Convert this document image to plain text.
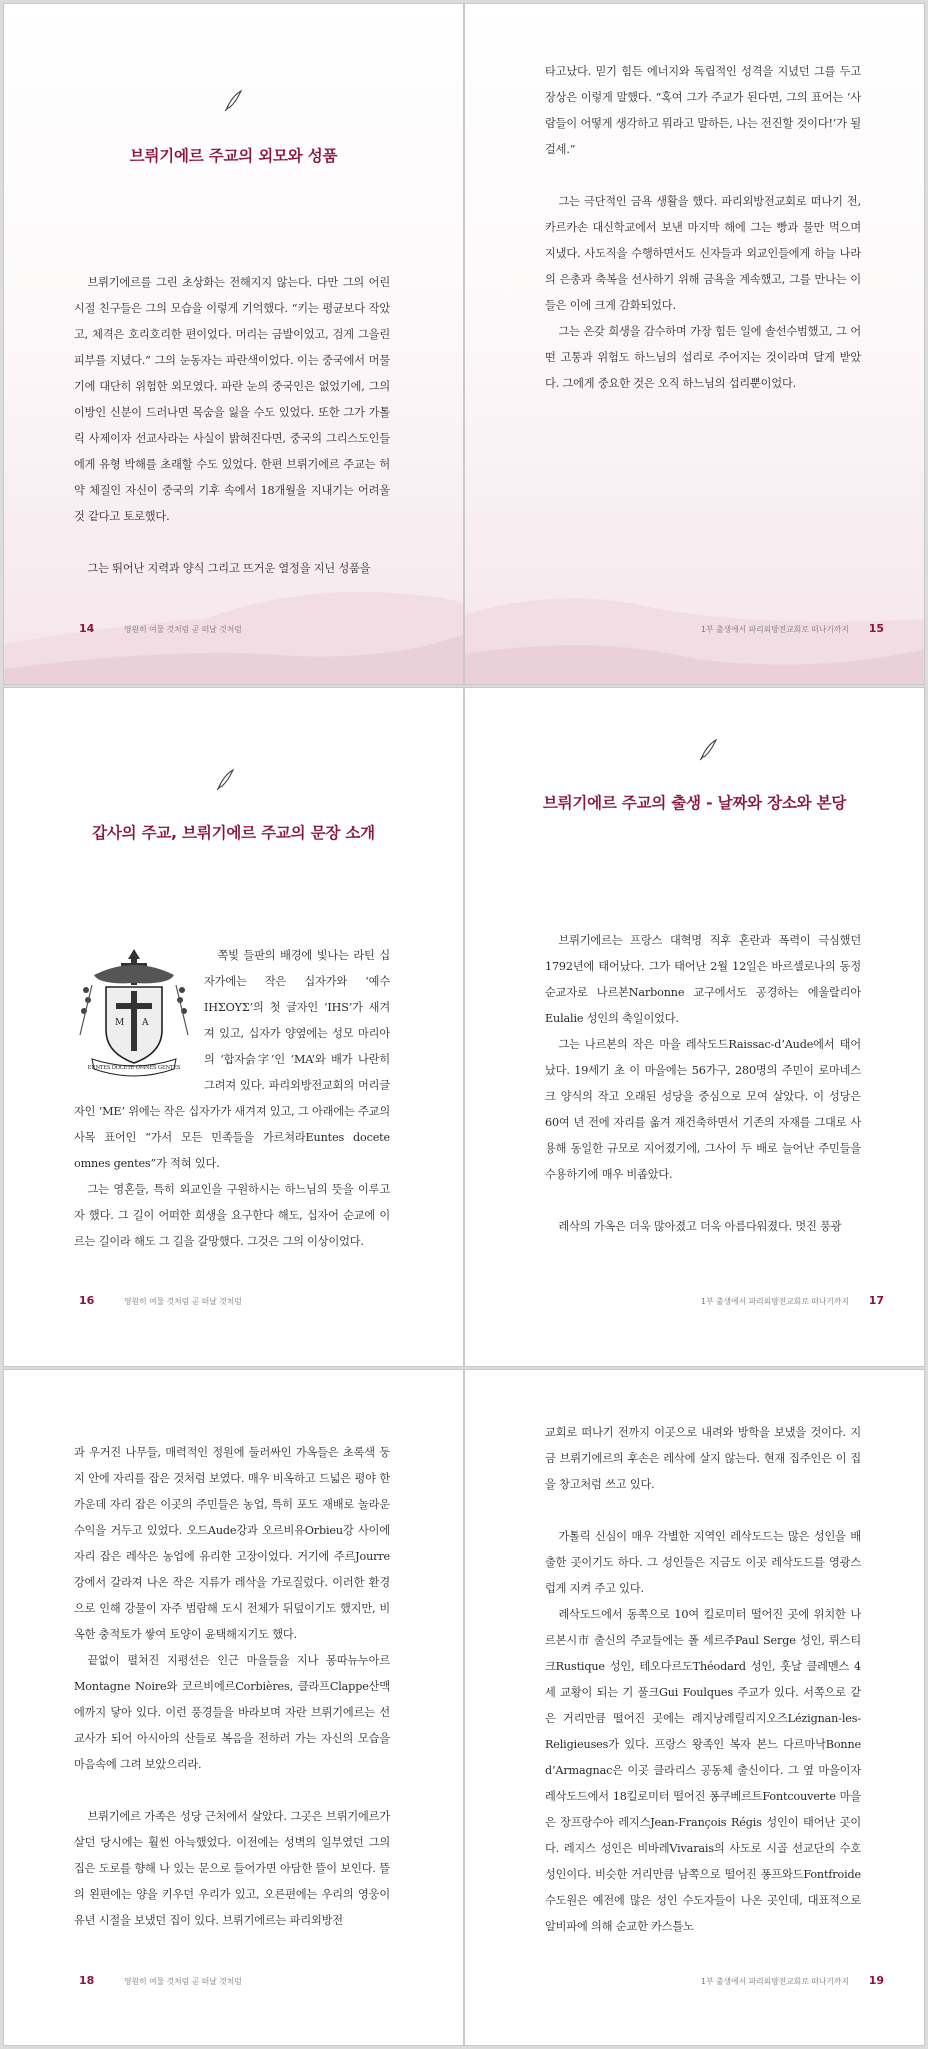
브뤼기에르 주교의 외모와 성품

브뤼기에르를 그린 초상화는 전해지지 않는다. 다만 그의 어린 시절 친구들은 그의 모습을 이렇게 기억했다. “키는 평균보다 작았고, 체격은 호리호리한 편이었다. 머리는 금발이었고, 검게 그을린 피부를 지녔다.” 그의 눈동자는 파란색이었다. 이는 중국에서 머물기에 대단히 위험한 외모였다. 파란 눈의 중국인은 없었기에, 그의 이방인 신분이 드러나면 목숨을 잃을 수도 있었다. 또한 그가 가톨릭 사제이자 선교사라는 사실이 밝혀진다면, 중국의 그리스도인들에게 유형 박해를 초래할 수도 있었다. 한편 브뤼기에르 주교는 허약 체질인 자신이 중국의 기후 속에서 18개월을 지내기는 어려울 것 같다고 토로했다.

그는 뛰어난 지력과 양식 그리고 뜨거운 열정을 지닌 성품을

14	영원히 여물 것처럼 곧 떠날 것처럼

타고났다. 믿기 힘든 에너지와 독립적인 성격을 지녔던 그를 두고 장상은 이렇게 말했다. “혹여 그가 주교가 된다면, 그의 표어는 ‘사람들이 어떻게 생각하고 뭐라고 말하든, 나는 전진할 것이다!’가 될 걸세.”

그는 극단적인 금욕 생활을 했다. 파리외방전교회로 떠나기 전, 카르카손 대신학교에서 보낸 마지막 해에 그는 빵과 물만 먹으며 지냈다. 사도직을 수행하면서도 신자들과 외교인들에게 하늘 나라의 은총과 축복을 선사하기 위해 금욕을 계속했고, 그를 만나는 이들은 이에 크게 감화되었다.

그는 온갖 희생을 감수하며 가장 힘든 일에 솔선수범했고, 그 어떤 고통과 위험도 하느님의 섭리로 주어지는 것이라며 달게 받았다. 그에게 중요한 것은 오직 하느님의 섭리뿐이었다.

1부 출생에서 파리외방전교회로 떠나기까지 15
갑사의 주교, 브뤼기에르 주교의 문장 소개
M A
EUNTES DOCETE OMNES GENTES

쪽빛 들판의 배경에 빛나는 라틴 십자가에는 작은 십자가와 ‘예수IHΣΟΥΣ’의 첫 글자인 ‘IHS’가 새겨져 있고, 십자가 양옆에는 성모 마리아의 ‘합자슭字’인 ‘MA’와 배가 나란히 그려져 있다. 파리외방전교회의 머리글자인 ‘ME’ 위에는 작은 십자가가 새겨져 있고, 그 아래에는 주교의 사목 표어인 “가서 모든 민족들을 가르쳐라Euntes docete omnes gentes”가 적혀 있다.

그는 영혼들, 특히 외교인을 구원하시는 하느님의 뜻을 이루고자 했다. 그 길이 어떠한 희생을 요구한다 해도, 십자어 순교에 이르는 길이라 해도 그 길을 갈망했다. 그것은 그의 이상이었다.

16	영원히 여물 것처럼 곧 떠날 것처럼
브뤼기에르 주교의 출생 - 날짜와 장소와 본당

브뤼기에르는 프랑스 대혁명 직후 혼란과 폭력이 극심했던 1792년에 태어났다. 그가 태어난 2월 12일은 바르셀로나의 동정 순교자로 나르본Narbonne 교구에서도 공경하는 에울랄리아Eulalie 성인의 축일이었다.

그는 나르본의 작은 마을 레삭도드Raissac-d’Aude에서 태어났다. 19세기 초 이 마을에는 56가구, 280명의 주민이 로마네스크 양식의 작고 오래된 성당을 중심으로 모여 살았다. 이 성당은 60여 년 전에 자리를 옮겨 재건축하면서 기존의 자재를 그대로 사용해 동일한 규모로 지어졌기에, 그사이 두 배로 늘어난 주민들을 수용하기에 매우 비좁았다.

레삭의 가옥은 더욱 많아졌고 더욱 아름다워졌다. 멋진 풍광

1부 출생에서 파리외방전교회로 떠나기까지 17

과 우거진 나무들, 매력적인 정원에 둘러싸인 가옥들은 초록색 둥지 안에 자리를 잡은 것처럼 보였다. 매우 비옥하고 드넓은 평야 한가운데 자리 잡은 이곳의 주민들은 농업, 특히 포도 재배로 놀라운 수익을 거두고 있었다. 오드Aude강과 오르비유Orbieu강 사이에 자리 잡은 레삭은 농업에 유리한 고장이었다. 거기에 주르Jourre강에서 갈라져 나온 작은 지류가 레삭을 가로질렀다. 이러한 환경으로 인해 강물이 자주 범람해 도시 전체가 뒤덮이기도 했지만, 비옥한 충적토가 쌓여 토양이 윤택해지기도 했다.

끝없이 펼쳐진 지평선은 인근 마을들을 지나 몽따뉴누아르Montagne Noire와 코르비에르Corbières, 클라프Clappe산맥에까지 닿아 있다. 이런 풍경들을 바라보며 자란 브뤼기에르는 선교사가 되어 아시아의 산들로 복음을 전하러 가는 자신의 모습을 마음속에 그려 보았으리라.

브뤼기에르 가족은 성당 근처에서 살았다. 그곳은 브뤼기에르가 살던 당시에는 훨씬 아늑했었다. 이전에는 성벽의 일부였던 그의 집은 도로를 향해 나 있는 문으로 들어가면 아담한 뜰이 보인다. 뜰의 왼편에는 양을 키우던 우리가 있고, 오른편에는 우리의 영웅이 유년 시절을 보냈던 집이 있다. 브뤼기에르는 파리외방전

18	영원히 여물 것처럼 곧 떠날 것처럼

교회로 떠나기 전까지 이곳으로 내려와 방학을 보냈을 것이다. 지금 브뤼기에르의 후손은 레삭에 살지 않는다. 현재 집주인은 이 집을 창고처럼 쓰고 있다.

가톨릭 신심이 매우 각별한 지역인 레삭도드는 많은 성인을 배출한 곳이기도 하다. 그 성인들은 지금도 이곳 레삭도드를 영광스럽게 지켜 주고 있다.

레삭도드에서 동쪽으로 10여 킬로미터 떨어진 곳에 위치한 나르본시市 출신의 주교들에는 폴 세르주Paul Serge 성인, 뤼스티크Rustique 성인, 테오다르도Théodard 성인, 훗날 클레멘스 4세 교황이 되는 기 풀크Gui Foulques 주교가 있다. 서쪽으로 같은 거리만큼 떨어진 곳에는 레지낭레릴리지오즈Lézignan-les-Religieuses가 있다. 프랑스 왕족인 복자 본느 다르마낙Bonne d’Armagnac은 이곳 클라리스 공동체 출신이다. 그 옆 마을이자 레삭도드에서 18킬로미터 떨어진 퐁쿠베르트Fontcouverte 마을은 장프랑수아 레지스Jean-François Régis 성인이 태어난 곳이다. 레지스 성인은 비바레Vivarais의 사도로 시골 선교단의 수호성인이다. 비슷한 거리만큼 남쪽으로 떨어진 퐁프와드Fontfroide 수도원은 예전에 많은 성인 수도자들이 나온 곳인데, 대표적으로 알비파에 의해 순교한 카스틀노

1부 출생에서 파리외방전교회로 떠나기까지 19
